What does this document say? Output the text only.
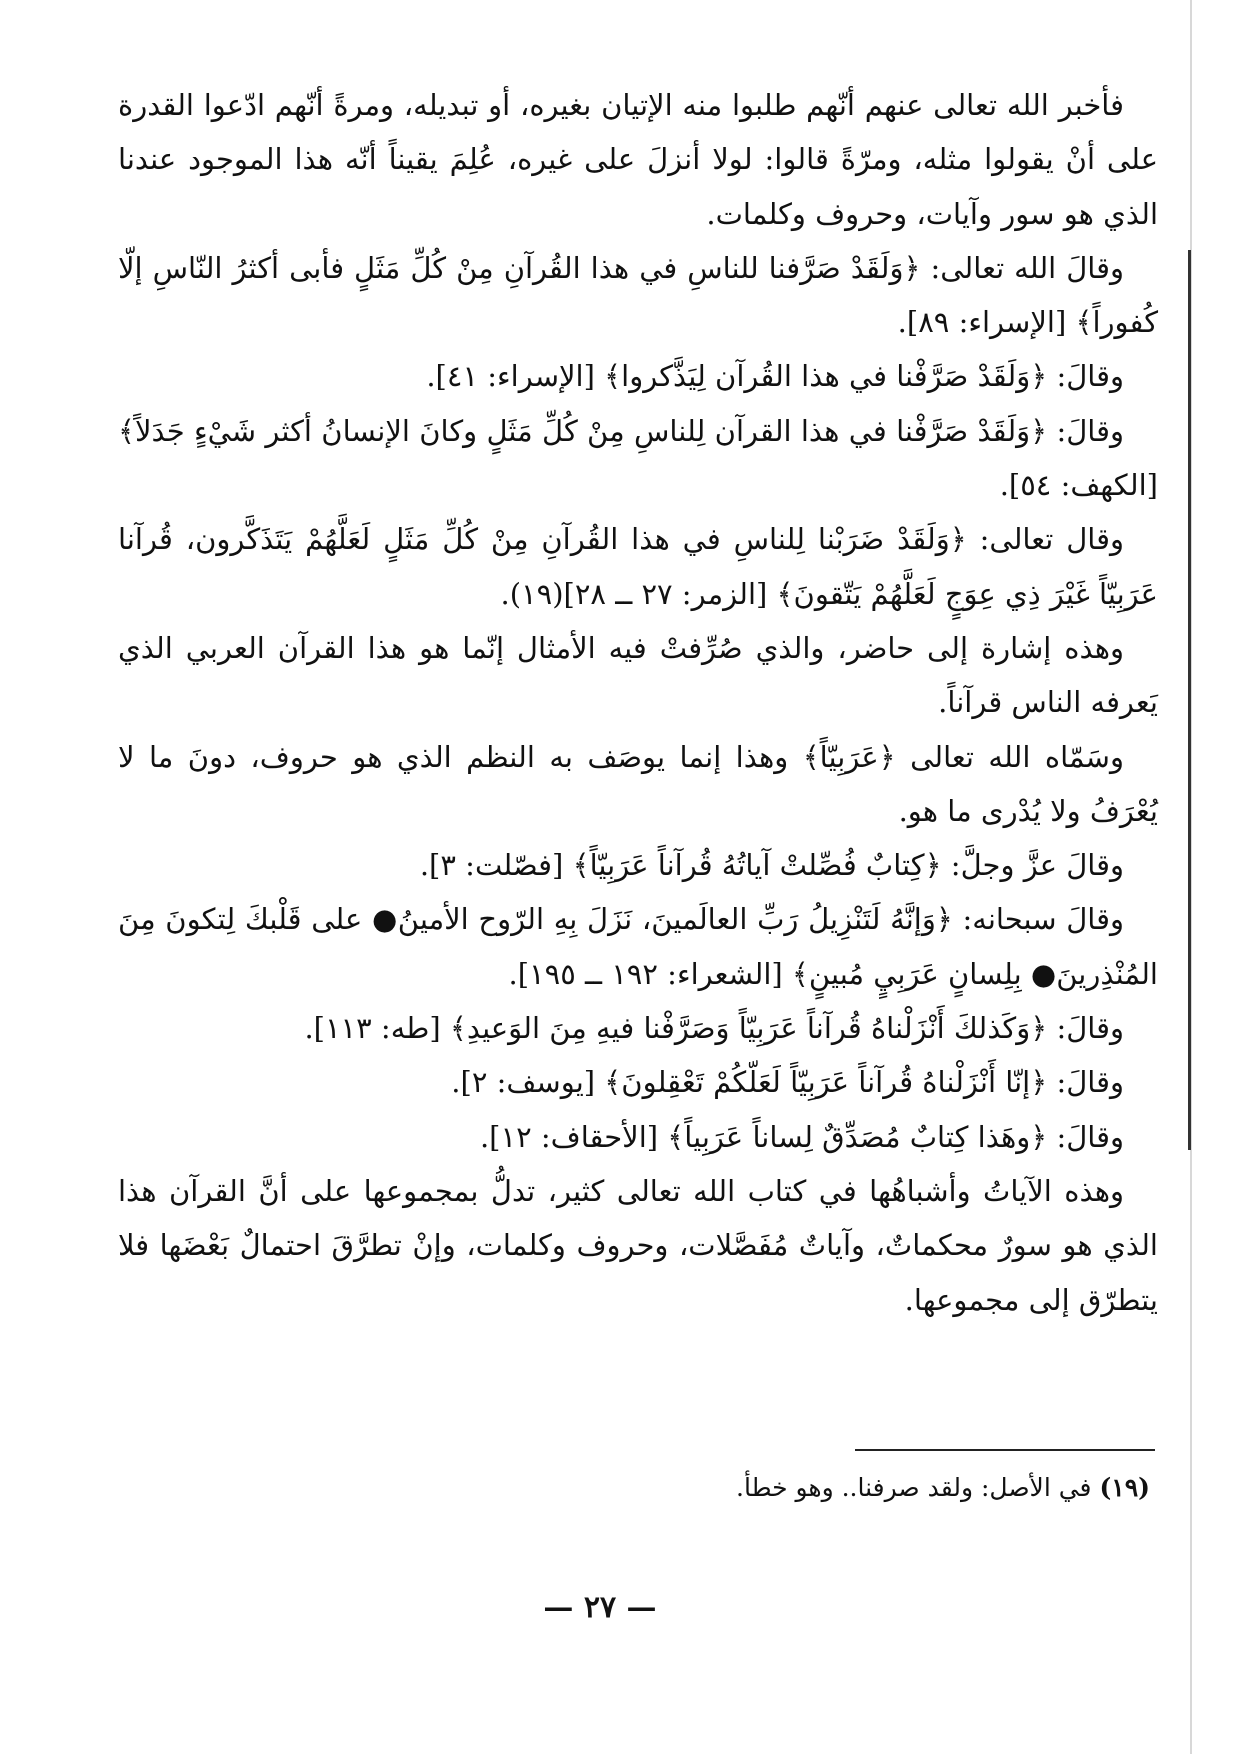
فأخبر الله تعالى عنهم أنّهم طلبوا منه الإتيان بغيره، أو تبديله، ومرةً أنّهم ادّعوا القدرة على أنْ يقولوا مثله، ومرّةً قالوا: لولا أنزلَ على غيره، عُلِمَ يقيناً أنّه هذا الموجود عندنا الذي هو سور وآيات، وحروف وكلمات.

وقالَ الله تعالى: ﴿وَلَقَدْ صَرَّفنا للناسِ في هذا القُرآنِ مِنْ كُلِّ مَثَلٍ فأبى أكثرُ النّاسِ إلّا كُفوراً﴾ [الإسراء: ٨٩].

وقالَ: ﴿وَلَقَدْ صَرَّفْنا في هذا القُرآن لِيَذَّكروا﴾ [الإسراء: ٤١].

وقالَ: ﴿وَلَقَدْ صَرَّفْنا في هذا القرآن لِلناسِ مِنْ كُلِّ مَثَلٍ وكانَ الإنسانُ أكثر شَيْءٍ جَدَلاً﴾ [الكهف: ٥٤].

وقال تعالى: ﴿وَلَقَدْ ضَرَبْنا لِلناسِ في هذا القُرآنِ مِنْ كُلِّ مَثَلٍ لَعَلَّهُمْ يَتَذَكَّرون، قُرآنا عَرَبِيّاً غَيْرَ ذِي عِوَجٍ لَعَلَّهُمْ يَتّقونَ﴾ [الزمر: ٢٧ ــ ٢٨](١٩).

وهذه إشارة إلى حاضر، والذي صُرِّفتْ فيه الأمثال إنّما هو هذا القرآن العربي الذي يَعرفه الناس قرآناً.

وسَمّاه الله تعالى ﴿عَرَبِيّاً﴾ وهذا إنما يوصَف به النظم الذي هو حروف، دونَ ما لا يُعْرَفُ ولا يُدْرى ما هو.

وقالَ عزَّ وجلَّ: ﴿كِتابٌ فُصِّلتْ آياتُهُ قُرآناً عَرَبِيّاً﴾ [فصّلت: ٣].

وقالَ سبحانه: ﴿وَإنَّهُ لَتَنْزِيلُ رَبِّ العالَمينَ، نَزَلَ بِهِ الرّوح الأمينُ● على قَلْبكَ لِتكونَ مِنَ المُنْذِرينَ● بِلِسانٍ عَرَبِيٍ مُبينٍ﴾ [الشعراء: ١٩٢ ــ ١٩٥].

وقالَ: ﴿وَكَذلكَ أَنْزَلْناهُ قُرآناً عَرَبِيّاً وَصَرَّفْنا فيهِ مِنَ الوَعيدِ﴾ [طه: ١١٣].

وقالَ: ﴿إنّا أَنْزَلْناهُ قُرآناً عَرَبِيّاً لَعَلّكُمْ تَعْقِلونَ﴾ [يوسف: ٢].

وقالَ: ﴿وهَذا كِتابٌ مُصَدِّقٌ لِساناً عَرَبِياً﴾ [الأحقاف: ١٢].

وهذه الآياتُ وأشباهُها في كتاب الله تعالى كثير، تدلُّ بمجموعها على أنَّ القرآن هذا الذي هو سورٌ محكماتٌ، وآياتٌ مُفَصَّلات، وحروف وكلمات، وإنْ تطرَّقَ احتمالٌ بَعْضَها فلا يتطرّق إلى مجموعها.

(١٩) في الأصل: ولقد صرفنا.. وهو خطأ.
— ٢٧ —
